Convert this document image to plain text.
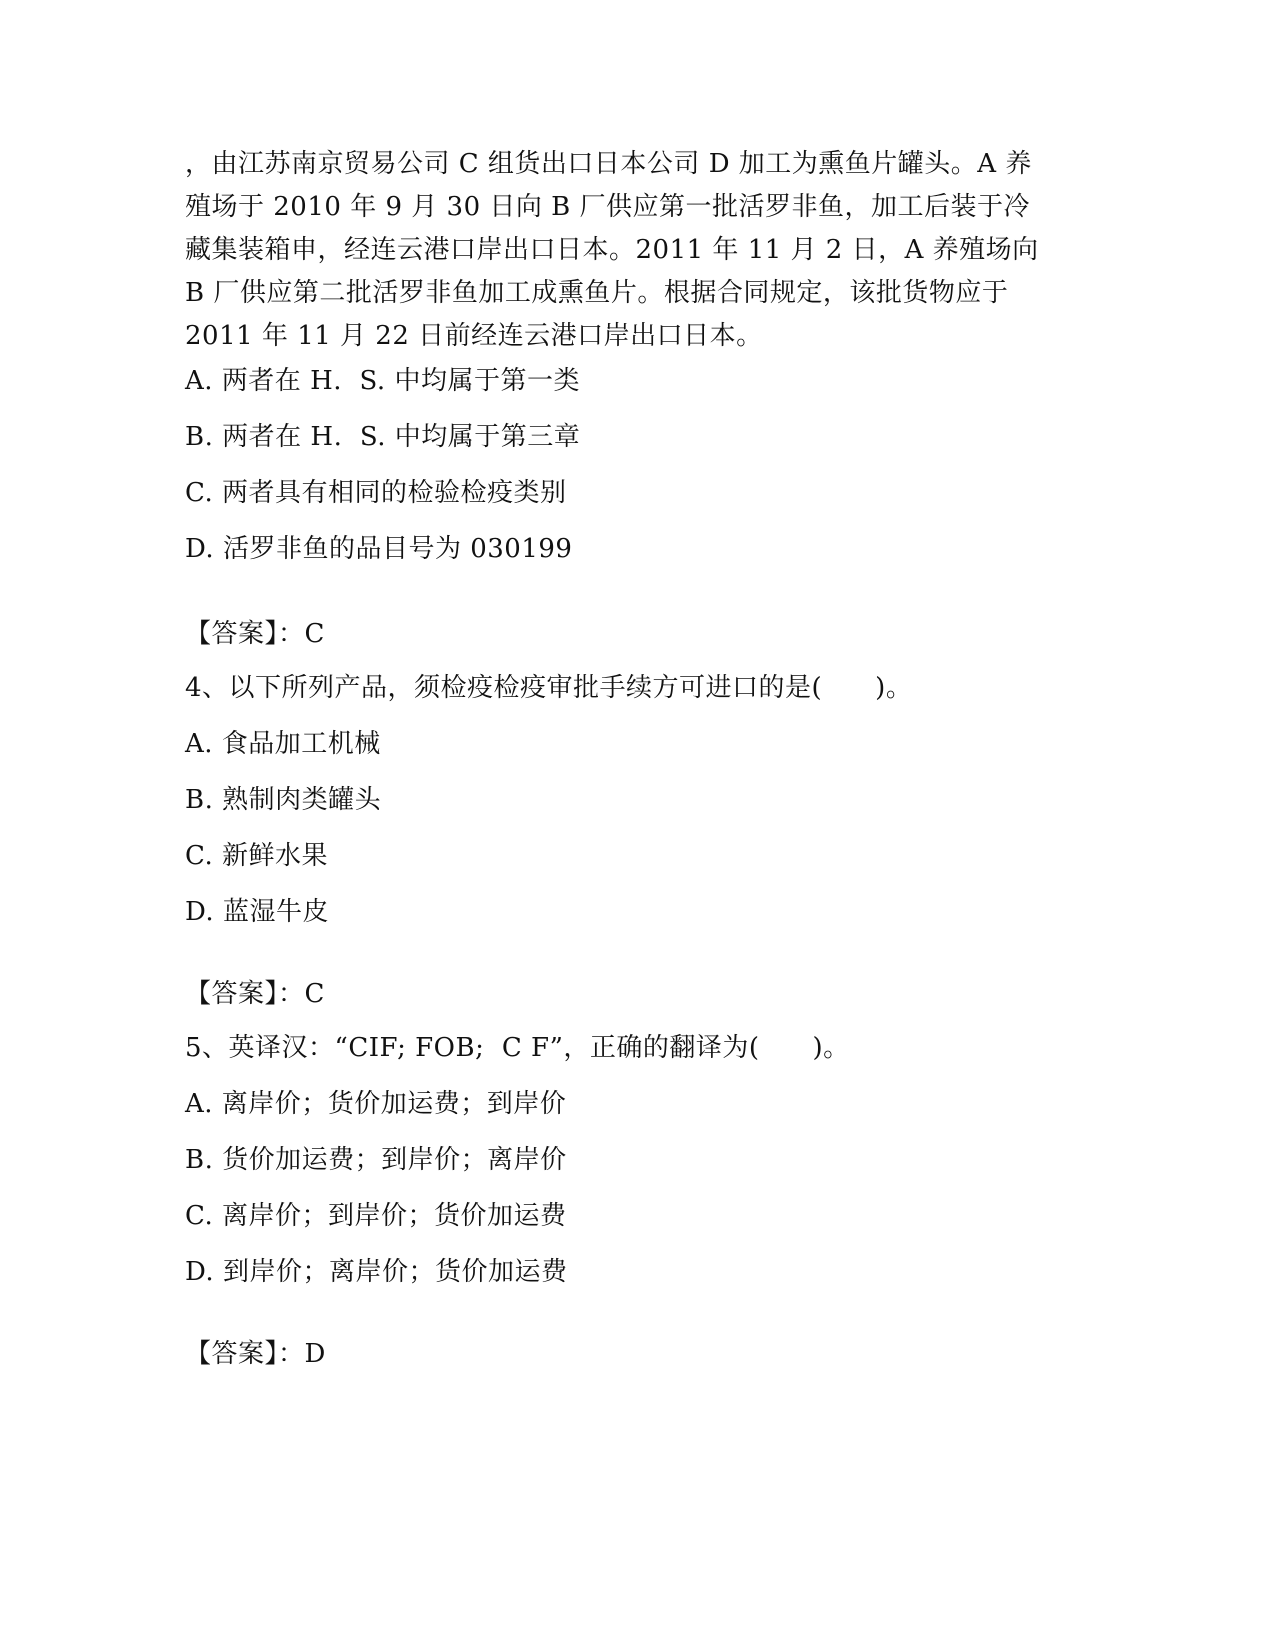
，由江苏南京贸易公司 C 组货出口日本公司 D 加工为熏鱼片罐头。A 养
殖场于 2010 年 9 月 30 日向 B 厂供应第一批活罗非鱼，加工后装于冷
藏集装箱申，经连云港口岸出口日本。2011 年 11 月 2 日，A 养殖场向
B 厂供应第二批活罗非鱼加工成熏鱼片。根据合同规定，该批货物应于
2011 年 11 月 22 日前经连云港口岸出口日本。
A. 两者在 H.  S. 中均属于第一类
B. 两者在 H.  S. 中均属于第三章
C. 两者具有相同的检验检疫类别
D. 活罗非鱼的品目号为 030199
【答案】：C
4、以下所列产品，须检疫检疫审批手续方可进口的是(　　)。
A. 食品加工机械
B. 熟制肉类罐头
C. 新鲜水果
D. 蓝湿牛皮
【答案】：C
5、英译汉：“CIF; FOB;  C F”，正确的翻译为(　　)。
A. 离岸价；货价加运费；到岸价
B. 货价加运费；到岸价；离岸价
C. 离岸价；到岸价；货价加运费
D. 到岸价；离岸价；货价加运费
【答案】：D
